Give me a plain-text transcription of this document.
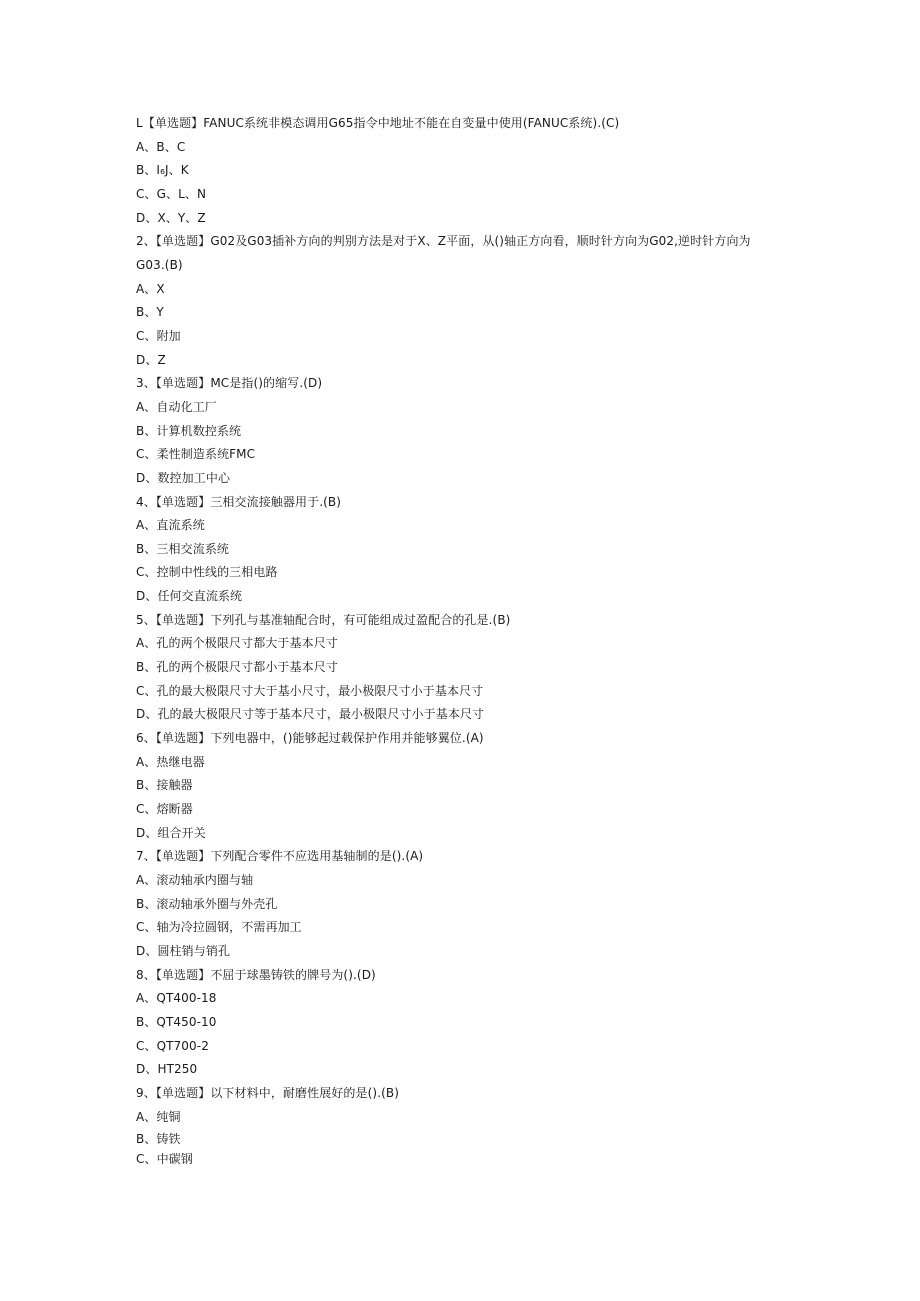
L【单选题】FANUC系统非模态调用G65指令中地址不能在自变量中使用(FANUC系统).(C)
A、B、C
B、I₆J、K
C、G、L、N
D、X、Y、Z
2、【单选题】G02及G03插补方向的判别方法是对于X、Z平面，从()轴正方向看，顺时针方向为G02,逆时针方向为
G03.(B)
A、X
B、Y
C、附加
D、Z
3、【单选题】MC是指()的缩写.(D)
A、自动化工厂
B、计算机数控系统
C、柔性制造系统FMC
D、数控加工中心
4、【单选题】三相交流接触器用于.(B)
A、直流系统
B、三相交流系统
C、控制中性线的三相电路
D、任何交直流系统
5、【单选题】下列孔与基准轴配合时，有可能组成过盈配合的孔是.(B)
A、孔的两个极限尺寸都大于基本尺寸
B、孔的两个极限尺寸都小于基本尺寸
C、孔的最大极限尺寸大于基小尺寸，最小极限尺寸小于基本尺寸
D、孔的最大极限尺寸等于基本尺寸，最小极限尺寸小于基本尺寸
6、【单选题】下列电器中，()能够起过载保护作用并能够翼位.(A)
A、热继电器
B、接触器
C、熔断器
D、组合开关
7、【单选题】下列配合零件不应选用基轴制的是().(A)
A、滚动轴承内圈与轴
B、滚动轴承外圈与外壳孔
C、轴为冷拉圆钢，不需再加工
D、圆柱销与销孔
8、【单选题】不屈于球墨铸铁的牌号为().(D)
A、QT400-18
B、QT450-10
C、QT700-2
D、HT250
9、【单选题】以下材料中，耐磨性展好的是().(B)
A、纯铜
B、铸铁
C、中碳钢
